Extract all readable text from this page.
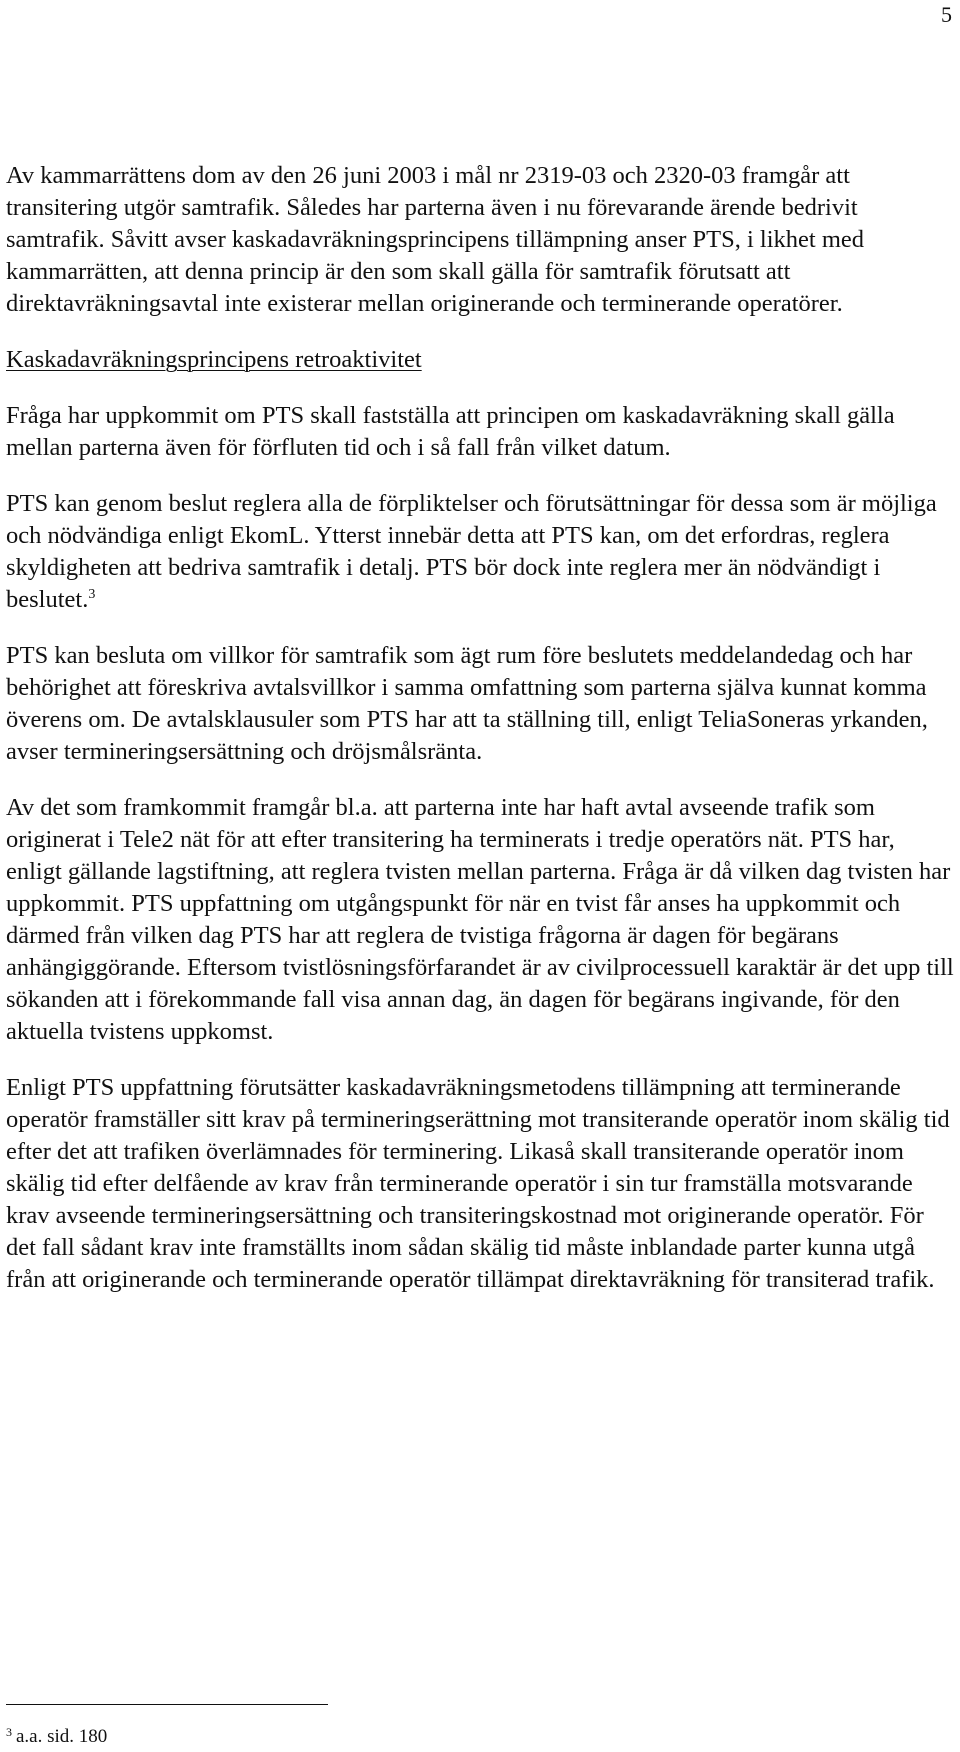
5

Av kammarrättens dom av den 26 juni 2003 i mål nr 2319-03 och 2320-03 framgår att transitering utgör samtrafik. Således har parterna även i nu förevarande ärende bedrivit samtrafik. Såvitt avser kaskadavräkningsprincipens tillämpning anser PTS, i likhet med kammarrätten, att denna princip är den som skall gälla för samtrafik förutsatt att direktavräkningsavtal inte existerar mellan originerande och terminerande operatörer.

Kaskadavräkningsprincipens retroaktivitet

Fråga har uppkommit om PTS skall fastställa att principen om kaskadavräkning skall gälla mellan parterna även för förfluten tid och i så fall från vilket datum.

PTS kan genom beslut reglera alla de förpliktelser och förutsättningar för dessa som är möjliga och nödvändiga enligt EkomL. Ytterst innebär detta att PTS kan, om det erfordras, reglera skyldigheten att bedriva samtrafik i detalj. PTS bör dock inte reglera mer än nödvändigt i beslutet.$^3$

PTS kan besluta om villkor för samtrafik som ägt rum före beslutets meddelandedag och har behörighet att föreskriva avtalsvillkor i samma omfattning som parterna själva kunnat komma överens om. De avtalsklausuler som PTS har att ta ställning till, enligt TeliaSoneras yrkanden, avser termineringsersättning och dröjsmålsränta.

Av det som framkommit framgår bl.a. att parterna inte har haft avtal avseende trafik som originerat i Tele2 nät för att efter transitering ha terminerats i tredje operatörs nät. PTS har, enligt gällande lagstiftning, att reglera tvisten mellan parterna. Fråga är då vilken dag tvisten har uppkommit. PTS uppfattning om utgångspunkt för när en tvist får anses ha uppkommit och därmed från vilken dag PTS har att reglera de tvistiga frågorna är dagen för begärans anhängiggörande. Eftersom tvistlösningsförfarandet är av civilprocessuell karaktär är det upp till sökanden att i förekommande fall visa annan dag, än dagen för begärans ingivande, för den aktuella tvistens uppkomst.

Enligt PTS uppfattning förutsätter kaskadavräkningsmetodens tillämpning att terminerande operatör framställer sitt krav på termineringserättning mot transiterande operatör inom skälig tid efter det att trafiken överlämnades för terminering. Likaså skall transiterande operatör inom skälig tid efter delfående av krav från terminerande operatör i sin tur framställa motsvarande krav avseende termineringsersättning och transiteringskostnad mot originerande operatör. För det fall sådant krav inte framställts inom sådan skälig tid måste inblandade parter kunna utgå från att originerande och terminerande operatör tillämpat direktavräkning för transiterad trafik.

$^3$ a.a. sid. 180
